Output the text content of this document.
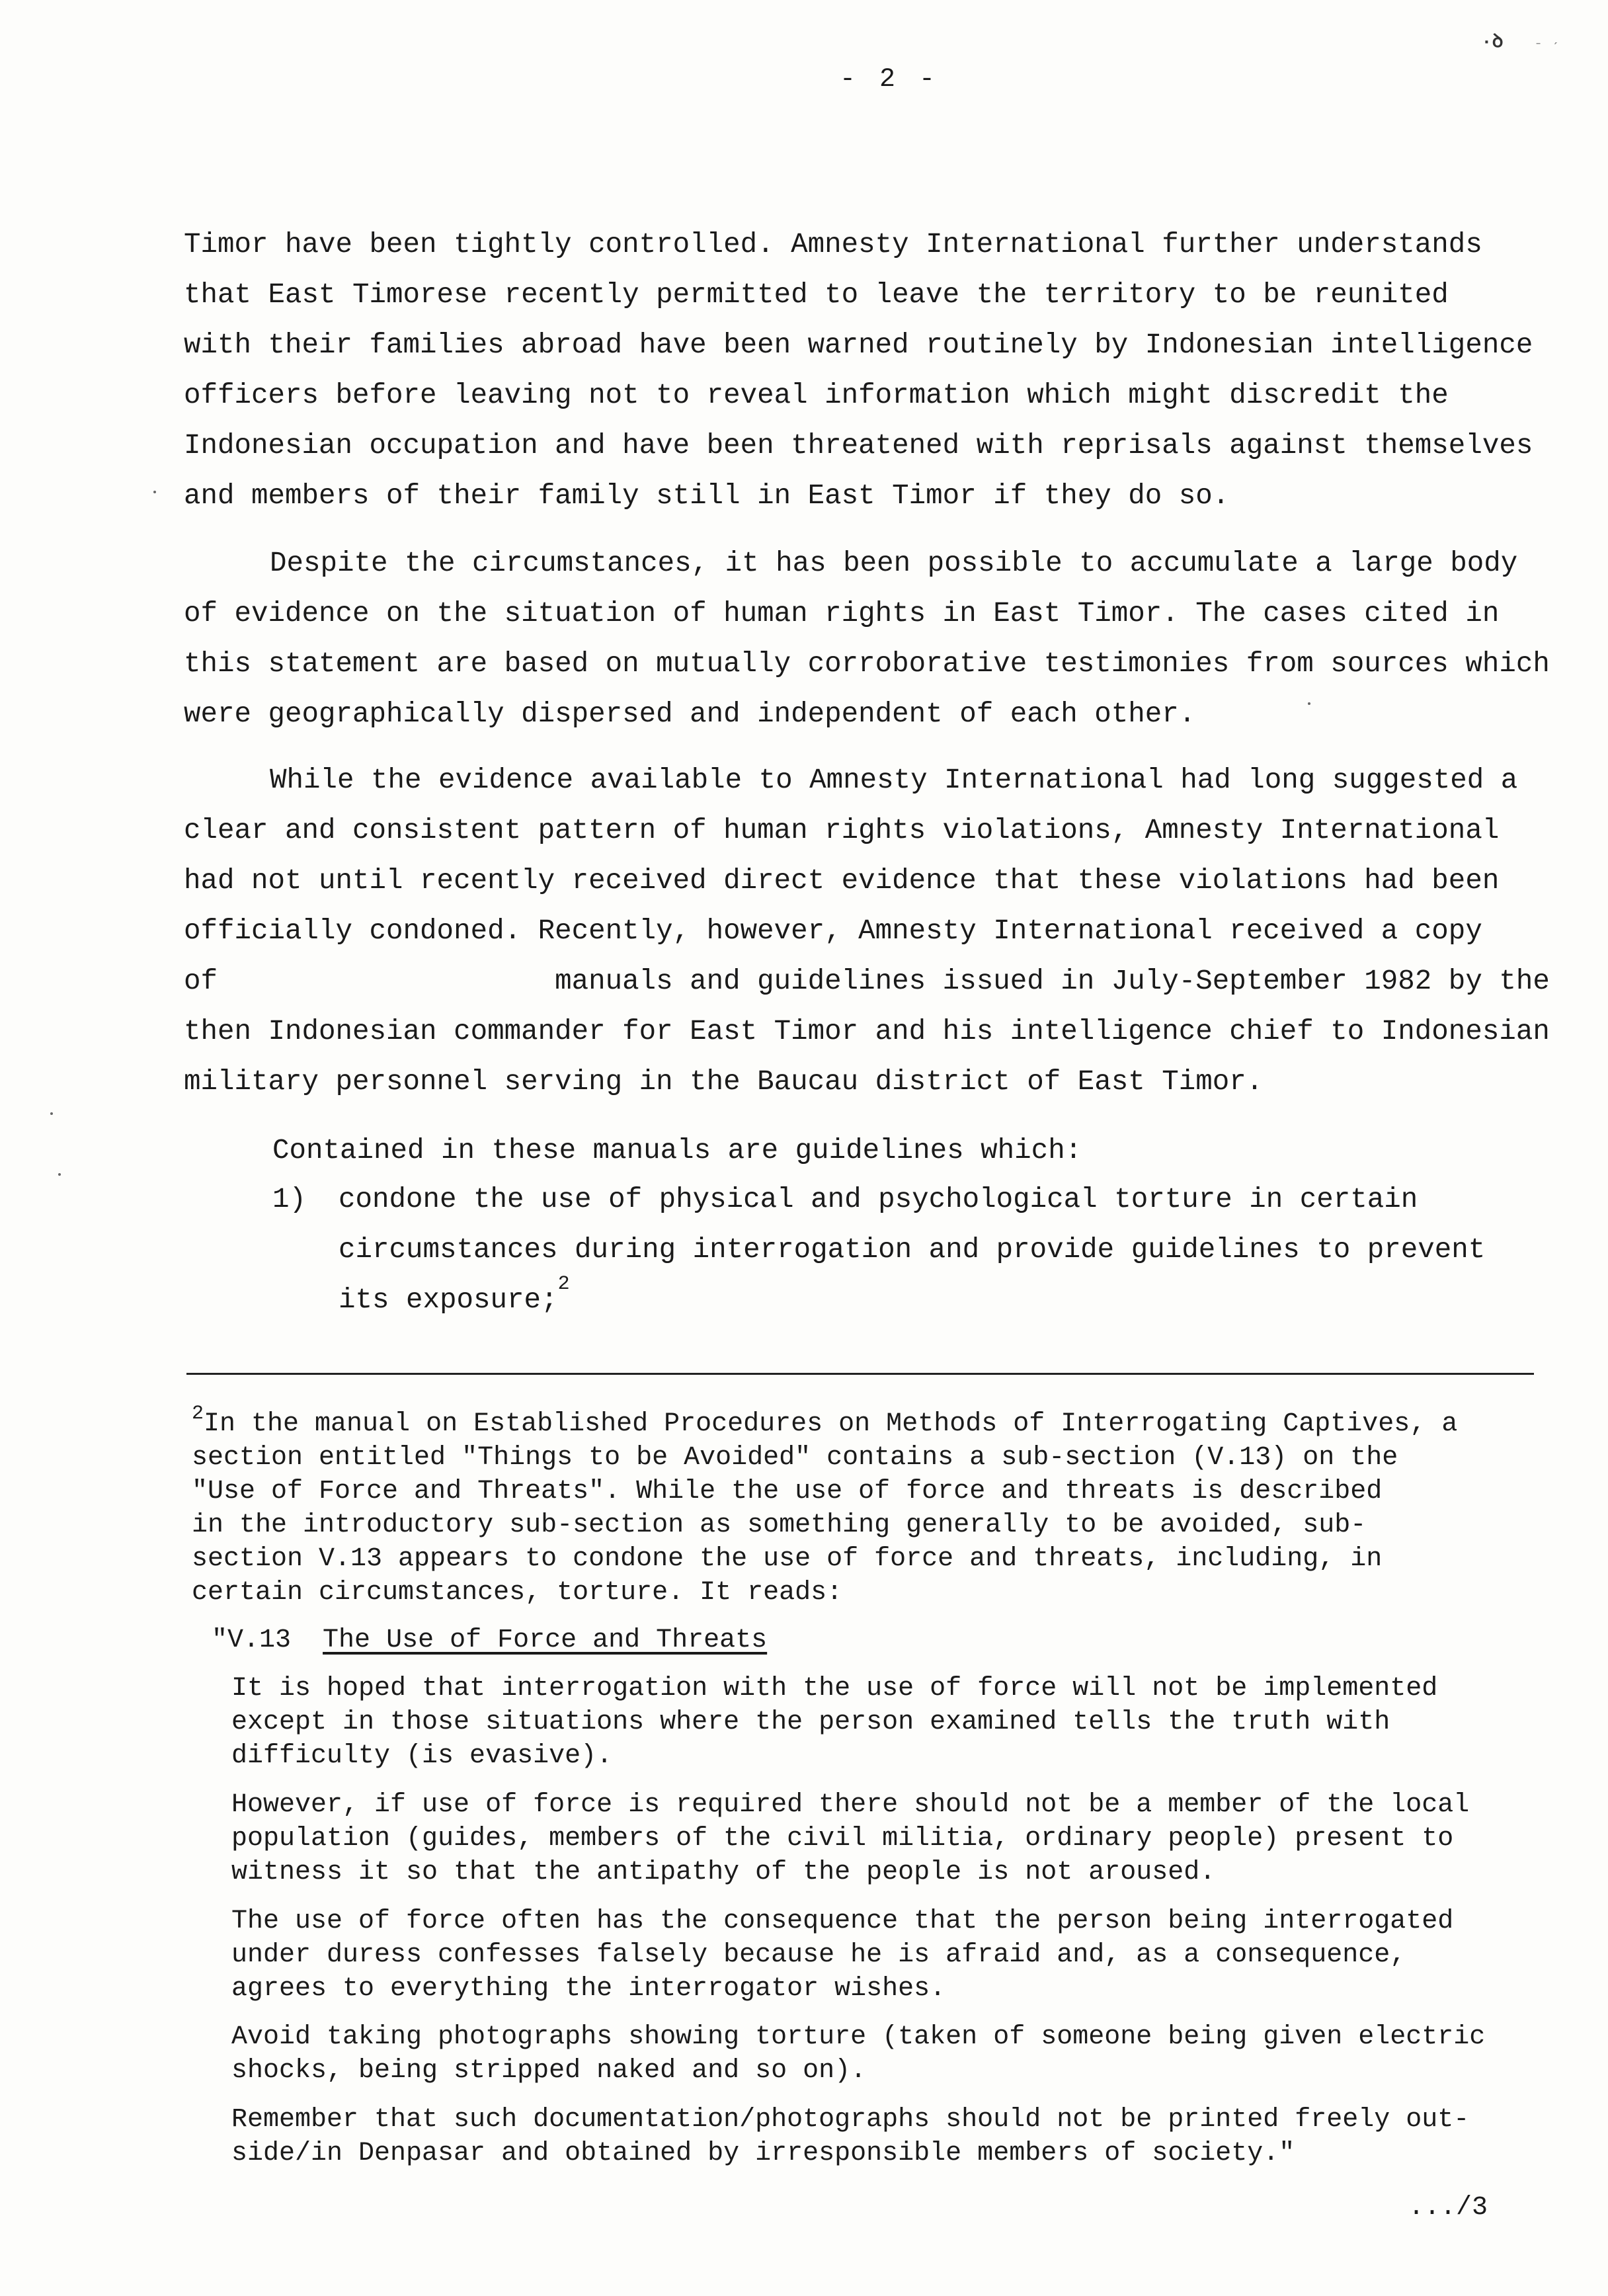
·ꝺ ˉ ˊ
- 2 -
Timor have been tightly controlled. Amnesty International further understands
that East Timorese recently permitted to leave the territory to be reunited
with their families abroad have been warned routinely by Indonesian intelligence
officers before leaving not to reveal information which might discredit the
Indonesian occupation and have been threatened with reprisals against themselves
and members of their family still in East Timor if they do so.
Despite the circumstances, it has been possible to accumulate a large body
of evidence on the situation of human rights in East Timor. The cases cited in
this statement are based on mutually corroborative testimonies from sources which
were geographically dispersed and independent of each other.
While the evidence available to Amnesty International had long suggested a
clear and consistent pattern of human rights violations, Amnesty International
had not until recently received direct evidence that these violations had been
officially condoned. Recently, however, Amnesty International received a copy
of                    manuals and guidelines issued in July-September 1982 by the
then Indonesian commander for East Timor and his intelligence chief to Indonesian
military personnel serving in the Baucau district of East Timor.
Contained in these manuals are guidelines which:
1) condone the use of physical and psychological torture in certain
circumstances during interrogation and provide guidelines to prevent
its exposure;$^2$
$^2$In the manual on Established Procedures on Methods of Interrogating Captives, a
section entitled "Things to be Avoided" contains a sub-section (V.13) on the
"Use of Force and Threats". While the use of force and threats is described
in the introductory sub-section as something generally to be avoided, sub-
section V.13 appears to condone the use of force and threats, including, in
certain circumstances, torture. It reads:
"V.13 The Use of Force and Threats
It is hoped that interrogation with the use of force will not be implemented
except in those situations where the person examined tells the truth with
difficulty (is evasive).
However, if use of force is required there should not be a member of the local
population (guides, members of the civil militia, ordinary people) present to
witness it so that the antipathy of the people is not aroused.
The use of force often has the consequence that the person being interrogated
under duress confesses falsely because he is afraid and, as a consequence,
agrees to everything the interrogator wishes.
Avoid taking photographs showing torture (taken of someone being given electric
shocks, being stripped naked and so on).
Remember that such documentation/photographs should not be printed freely out-
side/in Denpasar and obtained by irresponsible members of society."
.../3
